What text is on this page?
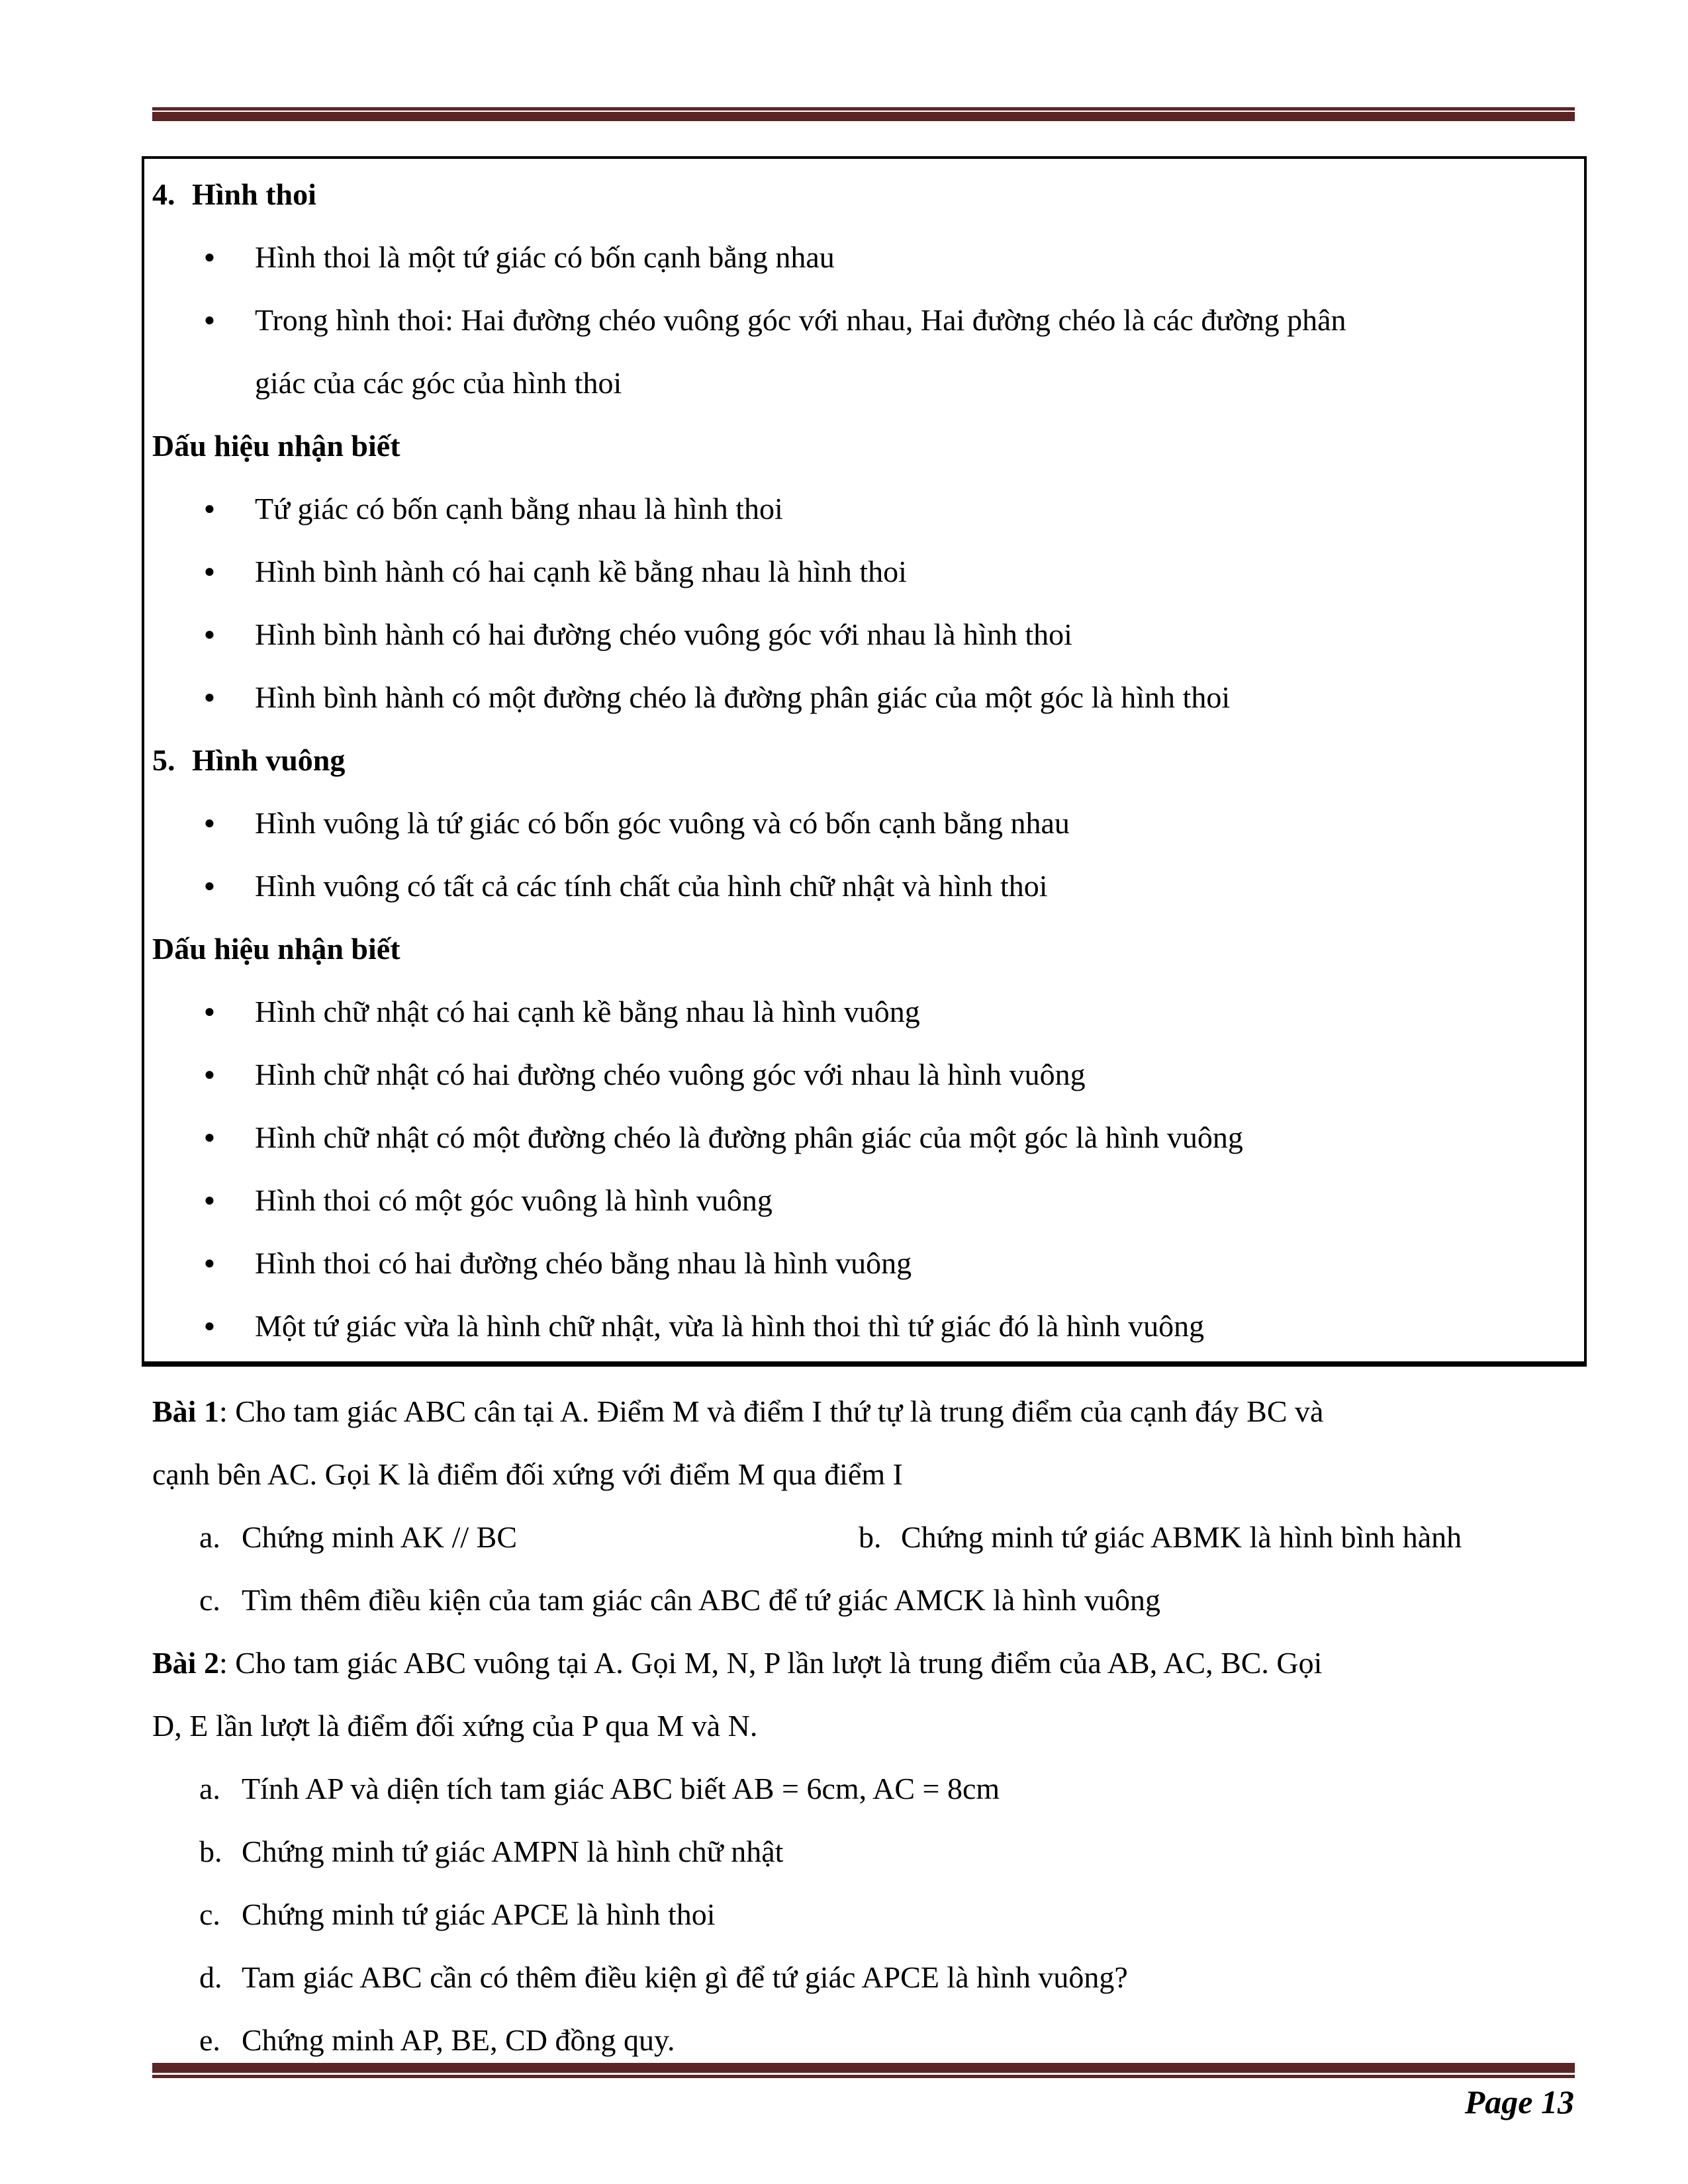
4. Hình thoi
● Hình thoi là một tứ giác có bốn cạnh bằng nhau
● Trong hình thoi: Hai đường chéo vuông góc với nhau, Hai đường chéo là các đường phân
giác của các góc của hình thoi
Dấu hiệu nhận biết
● Tứ giác có bốn cạnh bằng nhau là hình thoi
● Hình bình hành có hai cạnh kề bằng nhau là hình thoi
● Hình bình hành có hai đường chéo vuông góc với nhau là hình thoi
● Hình bình hành có một đường chéo là đường phân giác của một góc là hình thoi
5. Hình vuông
● Hình vuông là tứ giác có bốn góc vuông và có bốn cạnh bằng nhau
● Hình vuông có tất cả các tính chất của hình chữ nhật và hình thoi
Dấu hiệu nhận biết
● Hình chữ nhật có hai cạnh kề bằng nhau là hình vuông
● Hình chữ nhật có hai đường chéo vuông góc với nhau là hình vuông
● Hình chữ nhật có một đường chéo là đường phân giác của một góc là hình vuông
● Hình thoi có một góc vuông là hình vuông
● Hình thoi có hai đường chéo bằng nhau là hình vuông
● Một tứ giác vừa là hình chữ nhật, vừa là hình thoi thì tứ giác đó là hình vuông
Bài 1: Cho tam giác ABC cân tại A. Điểm M và điểm I thứ tự là trung điểm của cạnh đáy BC và
cạnh bên AC. Gọi K là điểm đối xứng với điểm M qua điểm I
a. Chứng minh AK // BC	b. Chứng minh tứ giác ABMK là hình bình hành
c. Tìm thêm điều kiện của tam giác cân ABC để tứ giác AMCK là hình vuông
Bài 2: Cho tam giác ABC vuông tại A. Gọi M, N, P lần lượt là trung điểm của AB, AC, BC. Gọi
D, E lần lượt là điểm đối xứng của P qua M và N.
a. Tính AP và diện tích tam giác ABC biết AB = 6cm, AC = 8cm
b. Chứng minh tứ giác AMPN là hình chữ nhật
c. Chứng minh tứ giác APCE là hình thoi
d. Tam giác ABC cần có thêm điều kiện gì để tứ giác APCE là hình vuông?
e. Chứng minh AP, BE, CD đồng quy.
Page 13
